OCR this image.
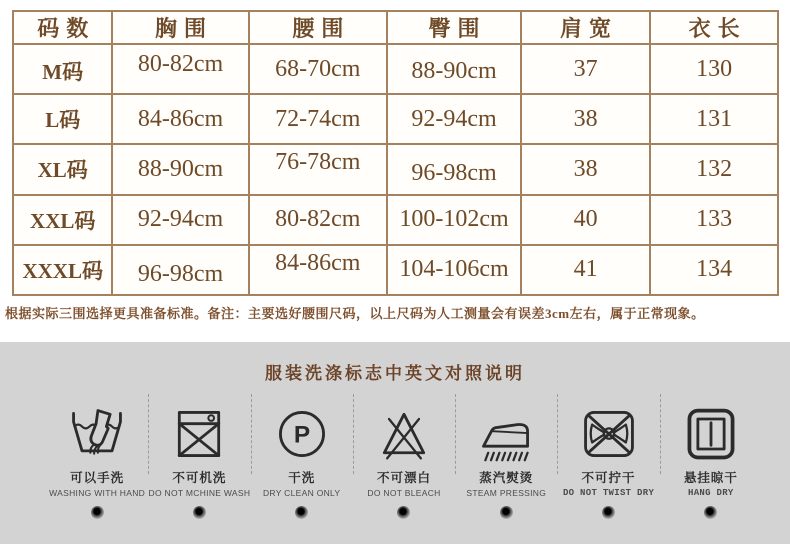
码数	胸围	腰围	臀围	肩宽	衣长
M码	80-82cm	68-70cm	88-90cm	37	130
L码	84-86cm	72-74cm	92-94cm	38	131
XL码	88-90cm	76-78cm	96-98cm	38	132
XXL码	92-94cm	80-82cm	100-102cm	40	133
XXXL码	96-98cm	84-86cm	104-106cm	41	134

根据实际三围选择更具准备标准。备注：主要选好腰围尺码，以上尺码为人工测量会有误差3cm左右，属于正常现象。

服装洗涤标志中英文对照说明
可以手洗
WASHING WITH HAND
不可机洗
DO NOT MCHINE WASH
P
干洗
DRY CLEAN ONLY
不可漂白
DO NOT BLEACH
蒸汽熨烫
STEAM PRESSING
不可拧干
DO NOT TWIST DRY
悬挂晾干
HANG DRY
